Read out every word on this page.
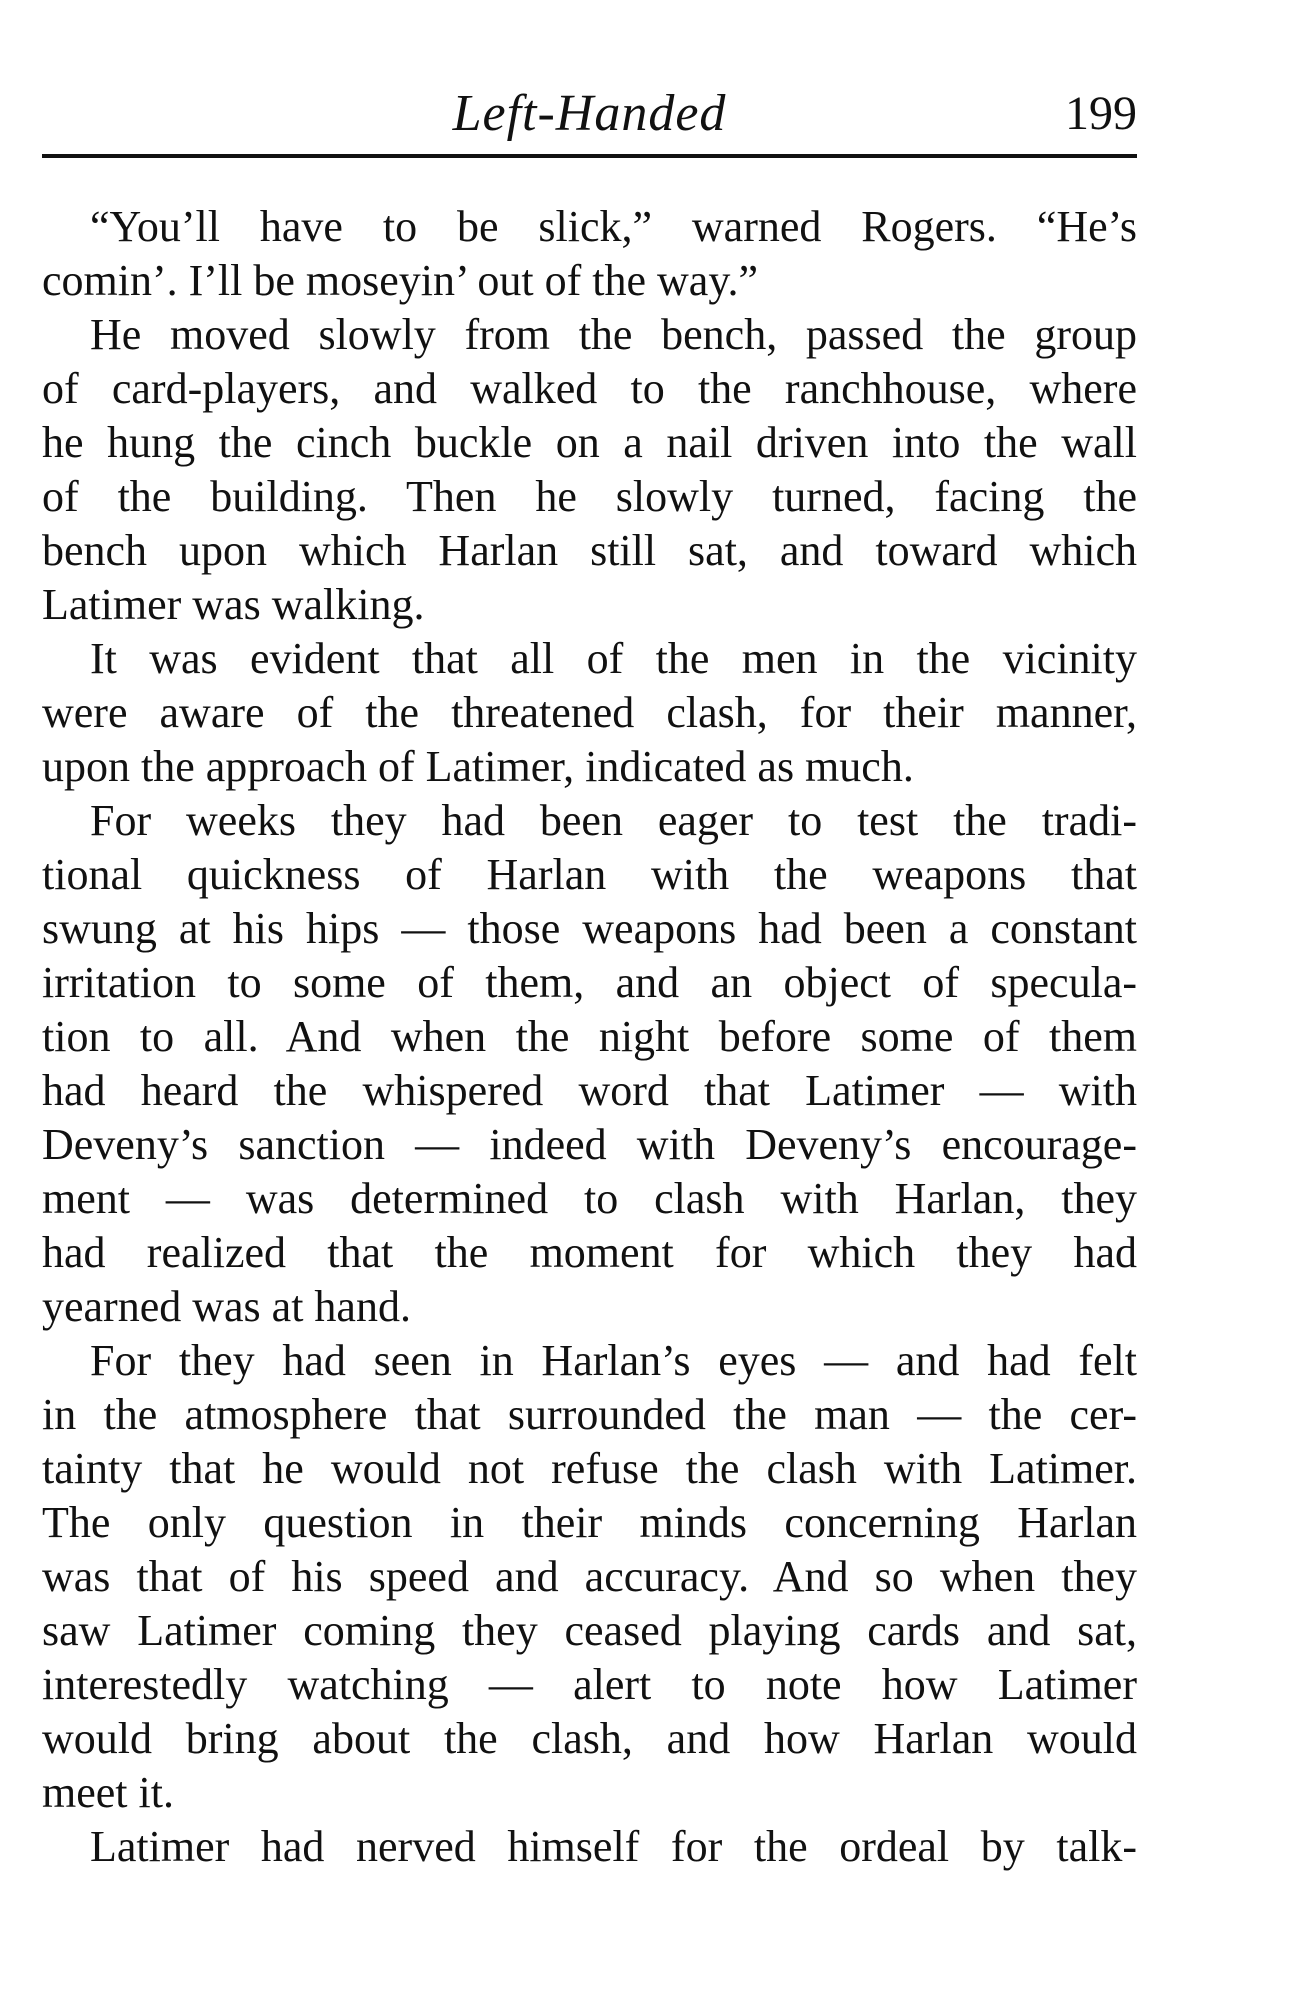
Left-Handed	199
“You’ll have to be slick,” warned Rogers. “He’s
comin’. I’ll be moseyin’ out of the way.”
He moved slowly from the bench, passed the group
of card-players, and walked to the ranchhouse, where
he hung the cinch buckle on a nail driven into the wall
of the building. Then he slowly turned, facing the
bench upon which Harlan still sat, and toward which
Latimer was walking.
It was evident that all of the men in the vicinity
were aware of the threatened clash, for their manner,
upon the approach of Latimer, indicated as much.
For weeks they had been eager to test the tradi-
tional quickness of Harlan with the weapons that
swung at his hips — those weapons had been a constant
irritation to some of them, and an object of specula-
tion to all. And when the night before some of them
had heard the whispered word that Latimer — with
Deveny’s sanction — indeed with Deveny’s encourage-
ment — was determined to clash with Harlan, they
had realized that the moment for which they had
yearned was at hand.
For they had seen in Harlan’s eyes — and had felt
in the atmosphere that surrounded the man — the cer-
tainty that he would not refuse the clash with Latimer.
The only question in their minds concerning Harlan
was that of his speed and accuracy. And so when they
saw Latimer coming they ceased playing cards and sat,
interestedly watching — alert to note how Latimer
would bring about the clash, and how Harlan would
meet it.
Latimer had nerved himself for the ordeal by talk-
